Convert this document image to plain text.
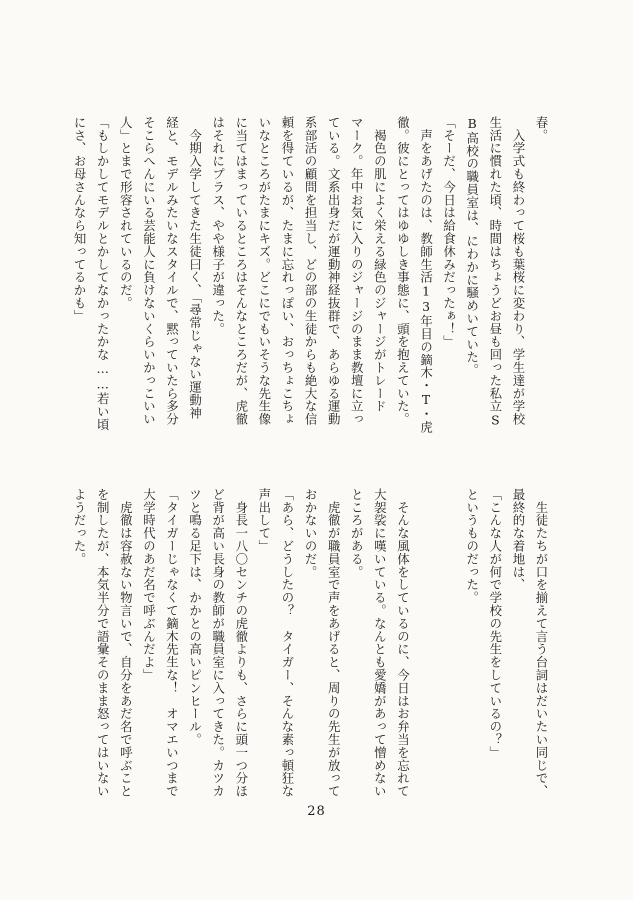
春。
　入学式も終わって桜も葉桜に変わり、学生達が学校
生活に慣れた頃、時間はちょうどお昼も回った私立S
B高校の職員室は、にわかに騒めいていた。
「そーだ、今日は給食休みだったぁ！」
　声をあげたのは、教師生活13年目の鏑木・T・虎
徹。彼にとってはゆゆしき事態に、頭を抱えていた。
　褐色の肌によく栄える緑色のジャージがトレード
マーク。年中お気に入りのジャージのまま教壇に立っ
ている。文系出身だが運動神経抜群で、あらゆる運動
系部活の顧問を担当し、どの部の生徒からも絶大な信
頼を得ているが、たまに忘れっぽい、おっちょこちょ
いなところがたまにキズ。どこにでもいそうな先生像
に当てはまっているところはそんなところだが、虎徹
はそれにプラス、やや様子が違った。
　今期入学してきた生徒曰く、「尋常じゃない運動神
経と、モデルみたいなスタイルで、黙っていたら多分
そこらへんにいる芸能人に負けないくらいかっこいい
人」とまで形容されているのだ。
「もしかしてモデルとかしてなかったかな……若い頃
にさ、お母さんなら知ってるかも」
　生徒たちが口を揃えて言う台詞はだいたい同じで、
最終的な着地は、
「こんな人が何で学校の先生をしているの？」
というものだった。

　そんな風体をしているのに、今日はお弁当を忘れて
大袈裟に嘆いている。なんとも愛嬌があって憎めない
ところがある。
　虎徹が職員室で声をあげると、周りの先生が放って
おかないのだ。
「あら、どうしたの？　タイガー、そんな素っ頓狂な
声出して」
　身長一八〇センチの虎徹よりも、さらに頭一つ分ほ
ど背が高い長身の教師が職員室に入ってきた。カツカ
ツと鳴る足下は、かかとの高いピンヒール。
「タイガーじゃなくて鏑木先生な！　オマエいつまで
大学時代のあだ名で呼ぶんだよ」
　虎徹は容赦ない物言いで、自分をあだ名で呼ぶこと
を制したが、本気半分で語彙そのまま怒ってはいない
ようだった。
28
